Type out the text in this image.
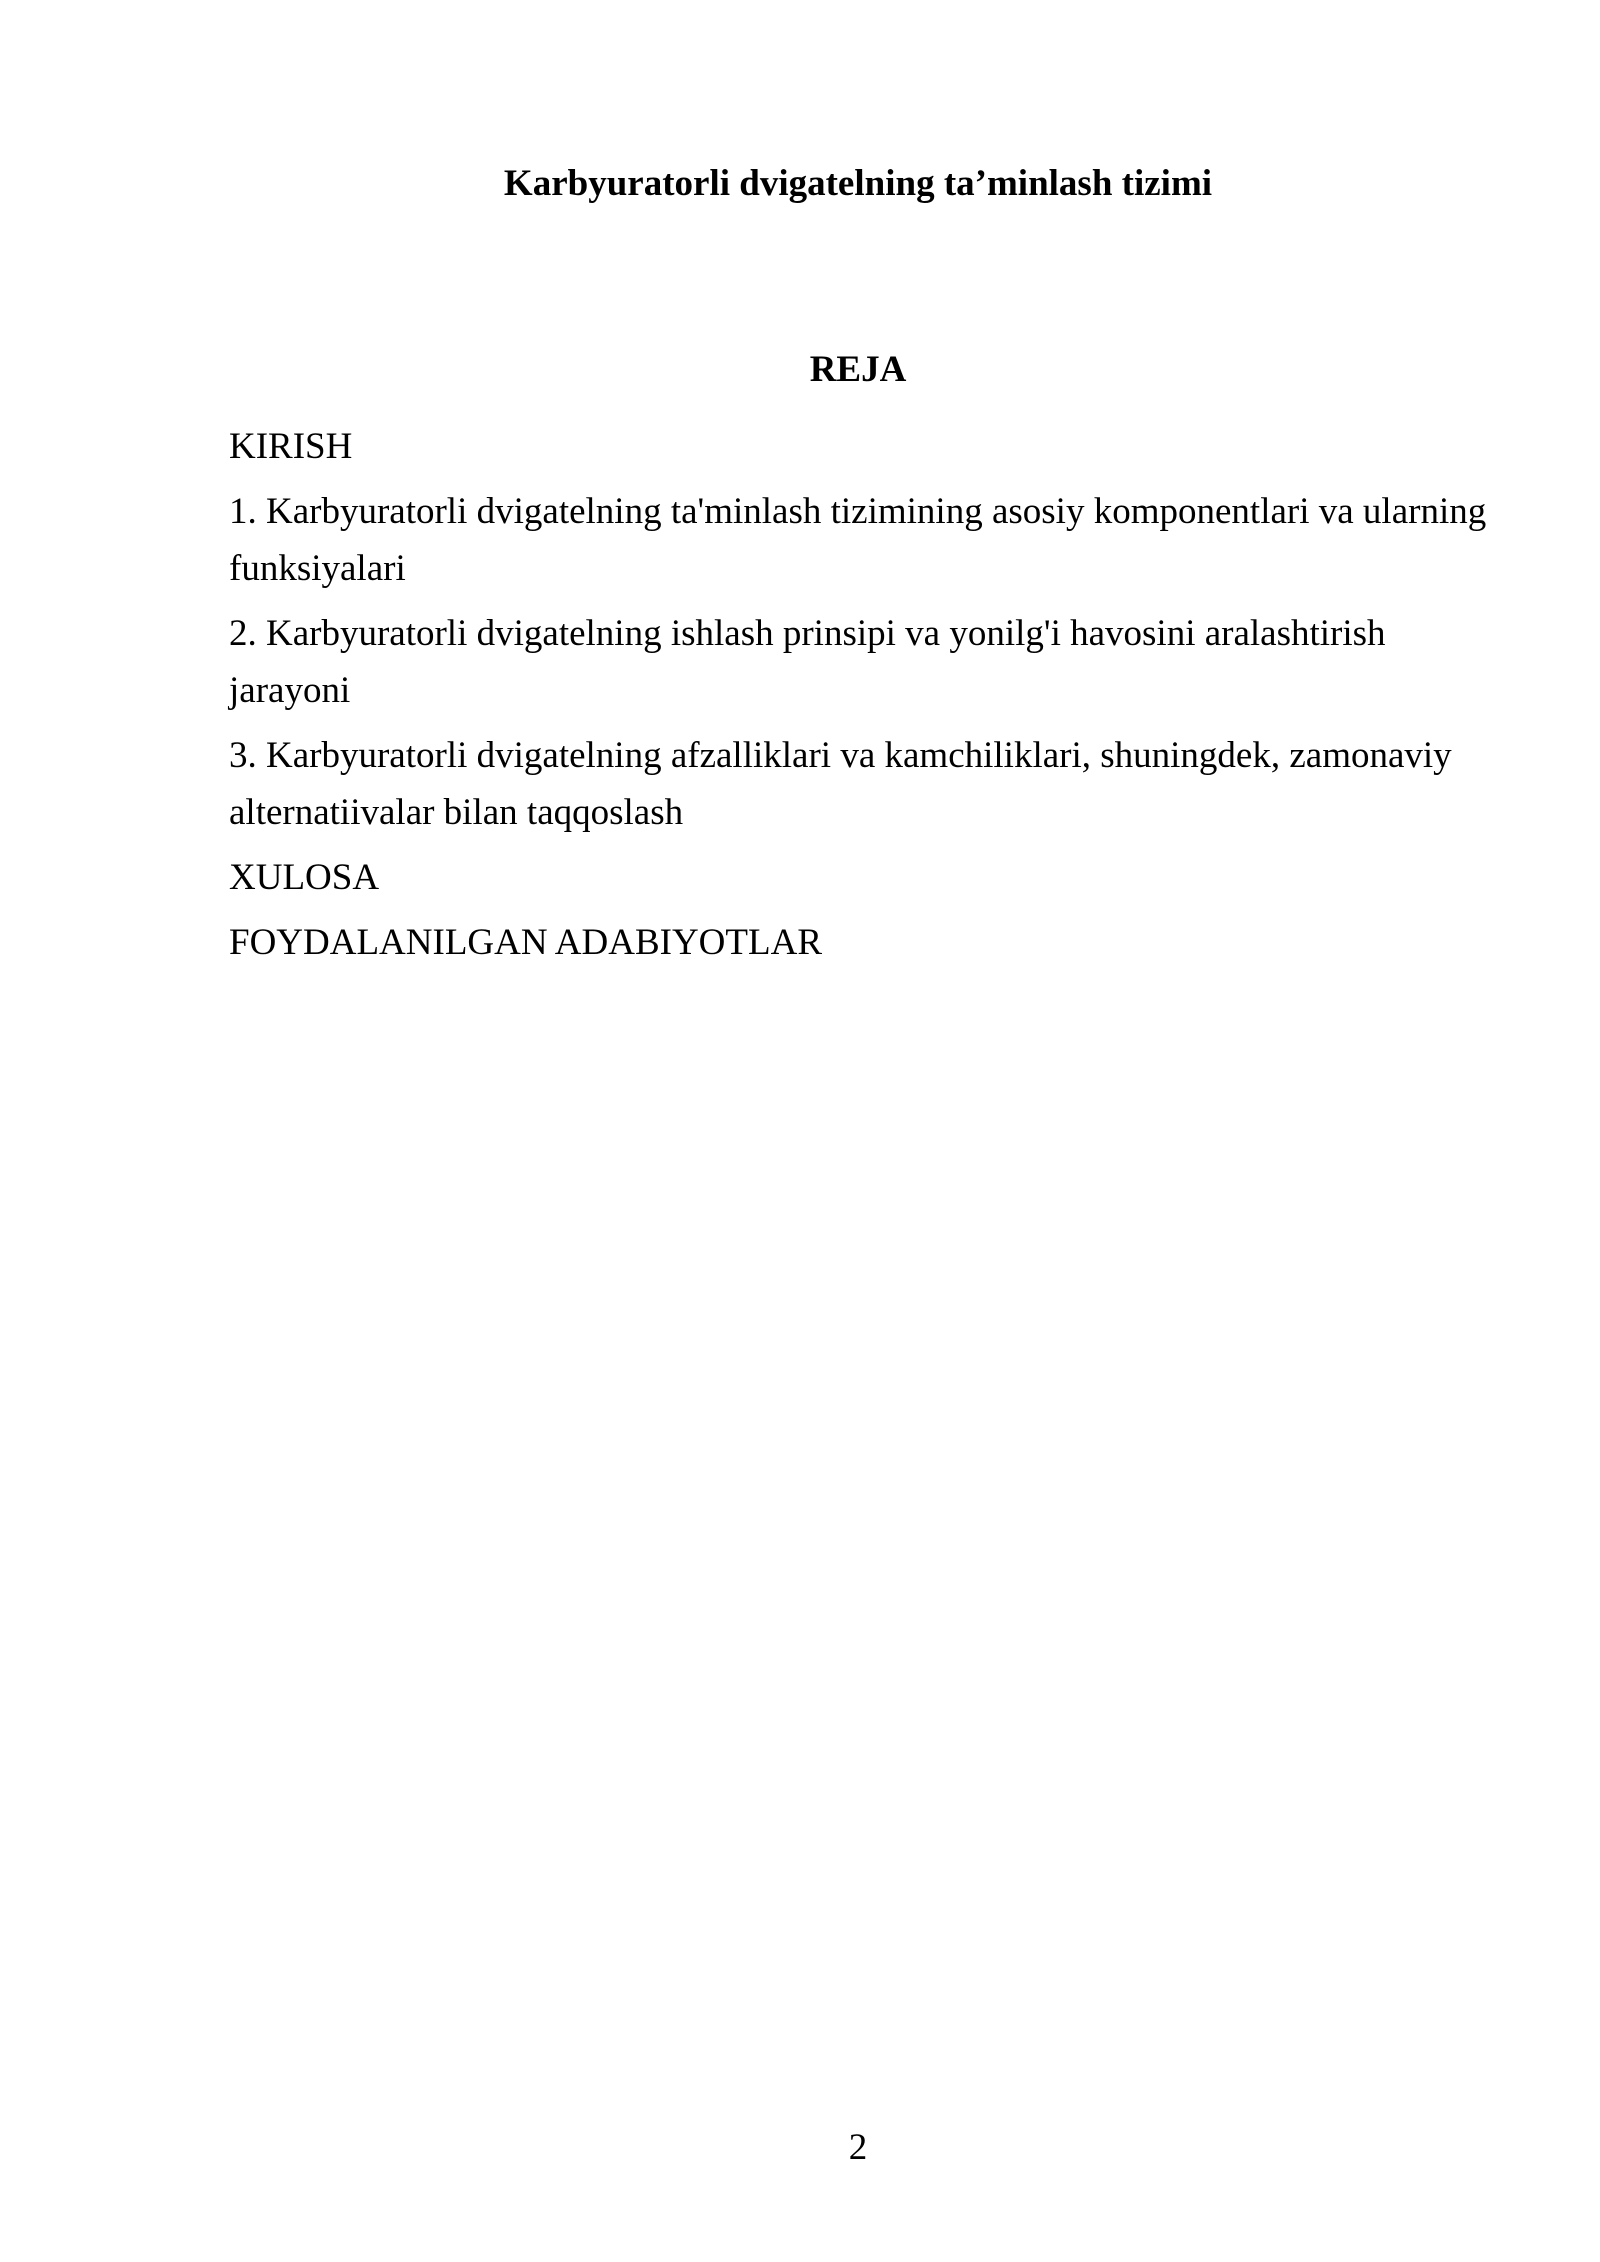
Karbyuratorli dvigatelning ta’minlash tizimi
REJA
KIRISH
1. Karbyuratorli dvigatelning ta'minlash tizimining asosiy komponentlari va ularning funksiyalari
2. Karbyuratorli dvigatelning ishlash prinsipi va yonilg'i havosini aralashtirish jarayoni
3. Karbyuratorli dvigatelning afzalliklari va kamchiliklari, shuningdek, zamonaviy alternatiivalar bilan taqqoslash
XULOSA
FOYDALANILGAN ADABIYOTLAR
2
